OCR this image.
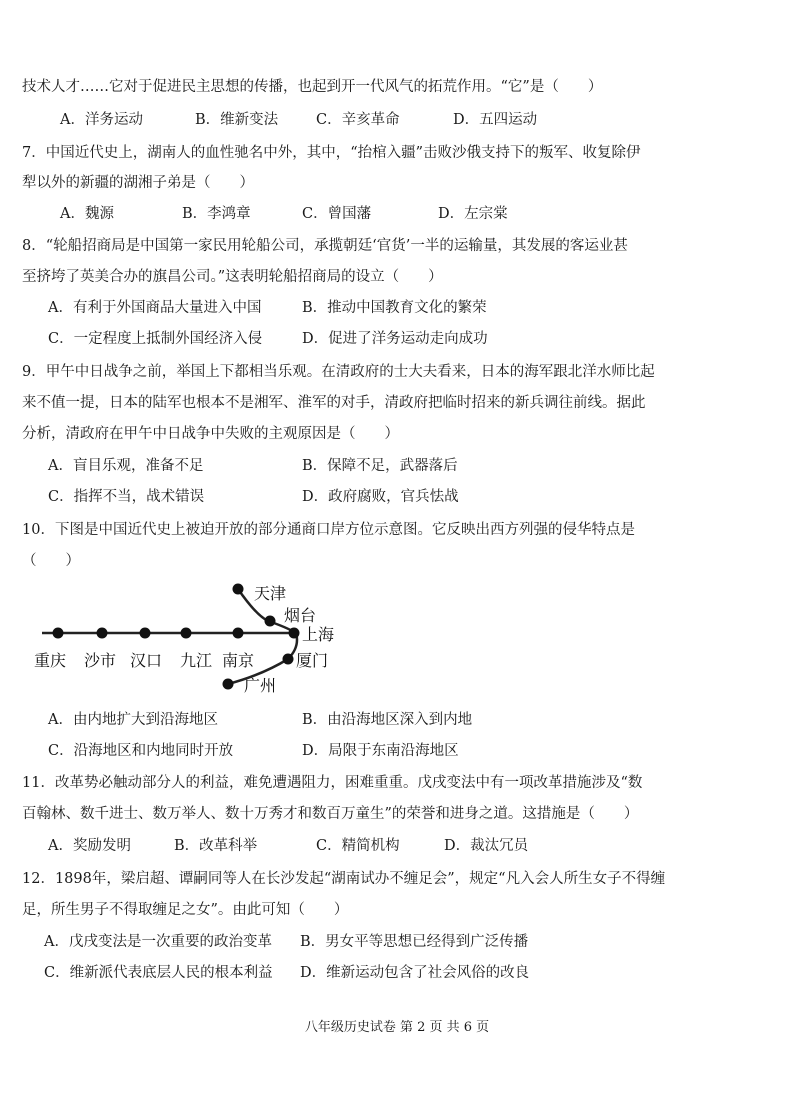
技术人才……它对于促进民主思想的传播，也起到开一代风气的拓荒作用。“它”是（　　）
A．洋务运动	B．维新变法	C．辛亥革命	D．五四运动
7．中国近代史上，湖南人的血性驰名中外，其中，“抬棺入疆”击败沙俄支持下的叛军、收复除伊
犁以外的新疆的湖湘子弟是（　　）
A．魏源	B．李鸿章	C．曾国藩	D．左宗棠
8．“轮船招商局是中国第一家民用轮船公司，承揽朝廷‘官货’一半的运输量，其发展的客运业甚
至挤垮了英美合办的旗昌公司。”这表明轮船招商局的设立（　　）
A．有利于外国商品大量进入中国	B．推动中国教育文化的繁荣
C．一定程度上抵制外国经济入侵	D．促进了洋务运动走向成功
9．甲午中日战争之前，举国上下都相当乐观。在清政府的士大夫看来，日本的海军跟北洋水师比起
来不值一提，日本的陆军也根本不是湘军、淮军的对手，清政府把临时招来的新兵调往前线。据此
分析，清政府在甲午中日战争中失败的主观原因是（　　）
A．盲目乐观，准备不足	B．保障不足，武器落后
C．指挥不当，战术错误	D．政府腐败，官兵怯战
10．下图是中国近代史上被迫开放的部分通商口岸方位示意图。它反映出西方列强的侵华特点是
（　　）
天津
烟台
上海
重庆 沙市 汉口 九江 南京	厦门
广州
A．由内地扩大到沿海地区	B．由沿海地区深入到内地
C．沿海地区和内地同时开放	D．局限于东南沿海地区
11．改革势必触动部分人的利益，难免遭遇阻力，困难重重。戊戌变法中有一项改革措施涉及“数
百翰林、数千进士、数万举人、数十万秀才和数百万童生”的荣誉和进身之道。这措施是（　　）
A．奖励发明	B．改革科举	C．精简机构	D．裁汰冗员
12．1898年，梁启超、谭嗣同等人在长沙发起“湖南试办不缠足会”，规定“凡入会人所生女子不得缠
足，所生男子不得取缠足之女”。由此可知（　　）
A．戊戌变法是一次重要的政治变革 B．男女平等思想已经得到广泛传播
C．维新派代表底层人民的根本利益 D．维新运动包含了社会风俗的改良
八年级历史试卷 第 2 页 共 6 页
